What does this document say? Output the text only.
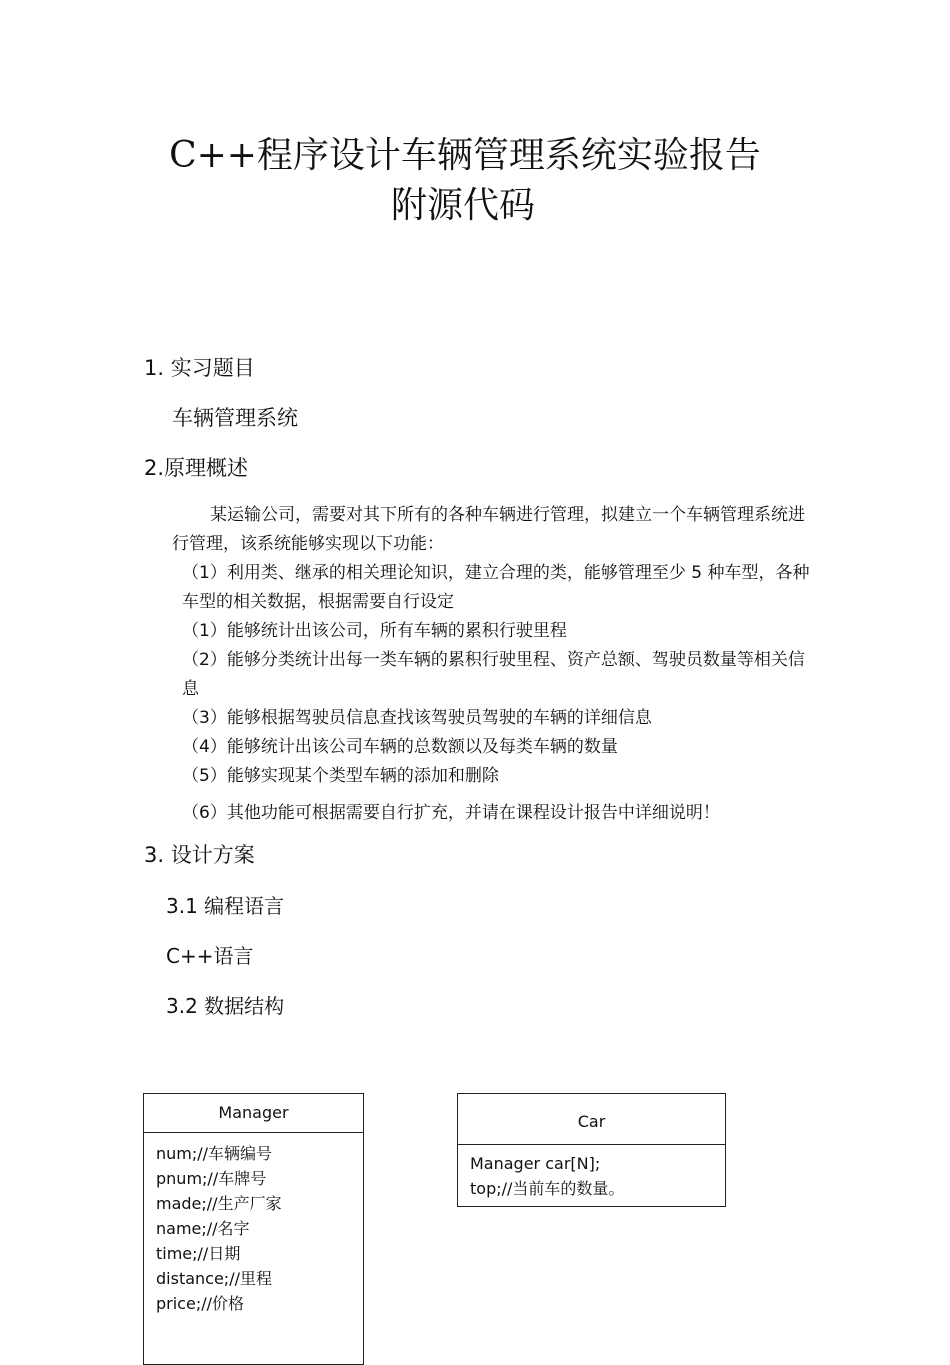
C++程序设计车辆管理系统实验报告
附源代码
1. 实习题目
车辆管理系统
2.原理概述

某运输公司，需要对其下所有的各种车辆进行管理，拟建立一个车辆管理系统进行管理，该系统能够实现以下功能：

（1）利用类、继承的相关理论知识，建立合理的类，能够管理至少 5 种车型，各种车型的相关数据，根据需要自行设定

（1）能够统计出该公司，所有车辆的累积行驶里程

（2）能够分类统计出每一类车辆的累积行驶里程、资产总额、驾驶员数量等相关信息

（3）能够根据驾驶员信息查找该驾驶员驾驶的车辆的详细信息

（4）能够统计出该公司车辆的总数额以及每类车辆的数量

（5）能够实现某个类型车辆的添加和删除

（6）其他功能可根据需要自行扩充，并请在课程设计报告中详细说明！

3. 设计方案
3.1 编程语言
C++语言
3.2 数据结构
Manager
num;//车辆编号
pnum;//车牌号
made;//生产厂家
name;//名字
time;//日期
distance;//里程
price;//价格
Car
Manager car[N];
top;//当前车的数量。
